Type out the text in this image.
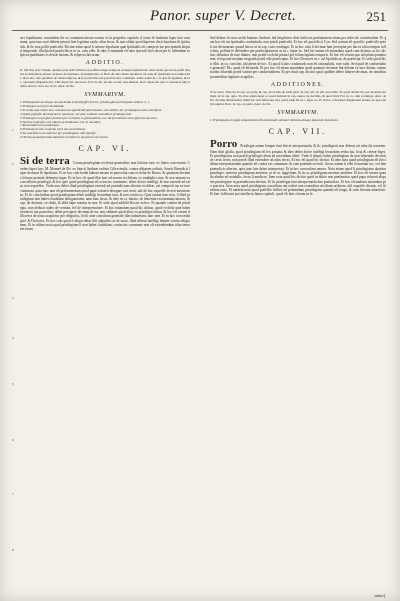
Panor. super V. Decret.	251
1
2
3
4
5
6
7
8

an i ſepulturam, contrahitur ibi ex communicatione eorum, vt in propoſito capitulo, ſi tenor ſit fundatus ſuper iure communi, quia tunc non debent priuari ſine legitima cauſa, alias ſecus, & non obſtat quod ſuperius dixit ſepultura ſit ſpiritualis, & ſic non poſſit præſcribi. Dicitur enim quod ſi ratione ſepulturæ quæ ſpiritualis eſt competit ius percipiendi aliquid temporale, illud poteſt præſcribi ut in ca. cum eſſet. & ideo ſi mutanda eſt ratio ſpeciali licet dicat per ſe tollendum reſpectu quæſtionis ecclesiæ factum, & reſpectu laicorum.

ADDITIO.

N. illa ſiue ordo Visum, quando quis dixit vltimi non poſſunt aliqua tempora recipere ſepulchrum, dicit etiam quod non poſſit aliquis eccleſiaſticus aliqua recipere de ſepultura, ſecundum Inn. et Hoſt. & ratio huius ſepulturæ eſt quia eſt ſpiritualis non temporalis, & in hoc caſu quæritur de omni tempore, & ſic præſcribi non poteſt de iure communi. Adde etiam in c. ſi quis ſit ſepultus, & in c. quoniam aliquando ibi. Vide ſuper hoc quod not. Fel. in rub. de reb. eccleſ. non alienan. & ſic ſuper his quæ a canonicis ſunt tradita; & hæc circa hoc noto. Alex. de Ne.

SVMMARIVM.
1 Priuilegiatus ab aliquo non facienda ſi illud poſſet ſeruire, priuile-gium priuilegiato tollitur, n. 1.
2 Priuilegia non ſunt extendenda.
3 Eccleſia quæ habet iure communi ius ſepeliendi parochianos, non tollitur per priuilegium aliis conceſſum.
4 Quaſi-poſſeſſio decimarum in quatenus, vel quæ nondum conceditur priuilegiorum.
5 Priuilegia non poſſunt produci per eccleſias in ſpiritualibus, nec ad pro-latione ultra ipſorum tenorem.
6 Tacitus conſenſus non inducit præiudicium, nec in omnibus.
7 Renuntiatio non præſumitur.
8 Priuilegium ſine conſenſu iuris non praeiudicat.
9 Ius quæſitum non aufertur per priuilegium, niſi expreſſe.
10 Paria quoad decimas debentur eccleſiæ in qua factus eſt auctor.
CAP. VI.

Si de terra Contra priuilegium ecclesiæ generaliter non ſoluitur iure, ex literis concessum. Confert ſuper hoc, M. Manuel de Bo. ex Sancti Andreæ ordinis Ciſtercienſis, contra abbatem ordinis. Sancti Benedicti ſuper decimas & ſepulturis. Et in hoc caſu hodie habent terram in parrochia cum eccleſia de Bomo, & quoniam decimas ſoluunt proinde debentur ſuper. Et in hoc eſt quod illæ ſunt ad eorum eccleſiam, ex multiplici iure, & non tantum ex conceſſione priuilegii, & hoc ipſo quod priuilegium eſt extra ius commune, debet ſtricte intelligi, & non extendi ad caſus non expreſſos. Vnde non debet iſtud priuilegium extendi ad præiudicium alterius eccleſiæ, cui competit ius ex iure communi, quia tunc non eſt preſumendum quod papa voluerit derogare iuri tertii, niſi de hoc expreſſe fecerit mentionem. Et ſic concluditur quod priuilegium debet intelligi ſecundum iura, & non contra ea. Quæ omnia ſunt vera, ſi illud priuilegium non habet clauſulam derogatoriam, nam tunc ſecus. & ideo in ca. ſtatuto, de ſententia excommunicationis, & cap. de decimis, eo titulo, & alibi ſæpe notatur in iure. Et vide quod addidit Doctor in hoc. Et quando conſtat de priuilegio, non deducit iudex de veritate, ſed de interpretatione. Et hoc notandum quod hic dicitur, quod eccleſia quæ habet terram in ſua parrochia, debet percipere decimas de ea, non obſtante quod alius ex priuilegio ſoluat, & hoc eſt verum ſi illa terra de nouo acquiritur per religioſos, ſed ſi ante concilium generale illas habuerunt, tunc non. Et in hoc concordat gloſ. & Doctores. Et hoc caſu quod ſi aliqui rebus ſibi adquiſitis ut de nouo, illud debeat intelligi ſemper contra religionem. Et in ultimo nota quod priuilegium ſi non habet clauſulam, contra ius commune non eſt extendendum ultra tenorem ſuum.

Sed debere ſic non credit Ioannes Andreæ, ſed ſimpliciter dicit ſufficere probationem etiam per teſtes de conſuetudine. Et quia hoc eſt ius ſpiritualis conſuetudo, non poteſt præſcribi. Et hoc eſt quod dicit Cyn. Sed certum eſt quod ſic præſcribi poteſt ius decimarum quoad laicos ut in cap. cum contingat. Et in hoc caſu ſi decimæ ſunt perceptæ per laicos ultra tempus ſufficiens, poſſunt ſe defendere per præſcriptionem, ut in c. ſuper eo. Sed hic tamen eſt notandum quod cum decima, ut hic dicitur, debeatur de iure diuino, non poteſt eccleſia priuari per ſolum lapſum temporis. Et hoc eſt verum quo ad ipſam quantitatem, ſed quoad modum exigendi poteſt eſſe præſcriptio. Et hoc Doctores in c. ad Apoſtolicæ, de præſcript. Et vide quod dicit Abb. in ca. cum ſint, ubi plene de hoc. Et quod ſi talis conſuetudo non eſt rationabilis, non valet. Sed quid de conſuetudine generali? Dic quod eſt ſeruanda. Et per hoc eſt etiam notandum quod quamuis decimæ ſint debitæ ex iure diuino, tamen modus ſoluendi poteſt variari per conſuetudinem. Et per iſtud cap. dicitur quod quilibet debet ſoluere decimas, de omnibus prouentibus legitime acquiſitis.

ADDITIONES.

Si de terra. Vide ibi in cap. ex parte, & cap. tua nobis, & adde gloſſ. in cap. ult. de reb. non alien. Et quod dicitur hic per modum exempli, ut in cap. quia. Tu vide etiam ſuper eo quod habetur in cap. nuper, de decimis, & quod dixit Fel. in ca. cum contingat. Alex. de Ne. Proinde ſubiiciuntur. Dixit hic non ſubiacens iuri, quod adde ibi in c. ſuper eo. Et in hoc caſu habes ſingularem notam, de qua etiam loquitur Doct. in cap. ex parte. Alex. de Ne.

SVMMARIVM.
1 Priuilegiatus hi poſſe aliquid debet illud alienatio alienari debitum alioqui ſtatuentis ſed tamen.
CAP. VII.

Porro Priuilegia autem ſemper ſunt ſtricte interpretanda, & ſic priuilegiati non debent uti ultra ſui tenorem. Nam dicit gloſſa, quod priuilegium eſt lex priuata, & ideo debet ſtricte intelligi ſecundum verba ſua, ſicut & ceteræ leges. Et priuilegiatus non poteſt priuilegio abuti ad nocendum alteri. Vnde ſi aliquis habet priuilegium de non ſoluendis decimis de certis terris, non poteſt illud extendere ad alias terras. Et hoc eſt quod hic dicitur. Et ideo nota quod priuilegium eſt ſtrictiſſime interpretandum quando eſt contra ius commune, & cum præiudicio tertii. Secus autem ſi eſſet ſecundum ius, vel ſine præiudicio alterius, quia tunc late debet interpretari. Et in hoc concordant omnes. Nota etiam quod ſi priuilegiatus abutitur priuilegio, meretur priuilegium amittere, ut in ca. ſuggeſtum, & in ca. priuilegium meretur amittere. Et hoc eſt verum quando abuſus eſt notabilis, ſecus ſi modicus. Item nota quod hic dicitur quod in dubio non præſumitur quod papa voluerit aliquem priuilegiare in præiudicium alterius. Et ſic priuilegia ſunt interpretanda ſine præiudicio. Et hoc eſt multum notandum pro practica. Item nota quod priuilegium conceſſum uni ordini non extenditur ad alium ordinem, niſi expreſſe dicatur, vel ſit eadem ratio. Et tandem nota quod poſſeſſio ſufficit ad probandum priuilegium quando eſt longa, & cum ſcientia aduerſarii. Et hæc ſufficiant pro intellectu huius capituli, quod eſt ſatis clarum in ſe.

aduerſ.
